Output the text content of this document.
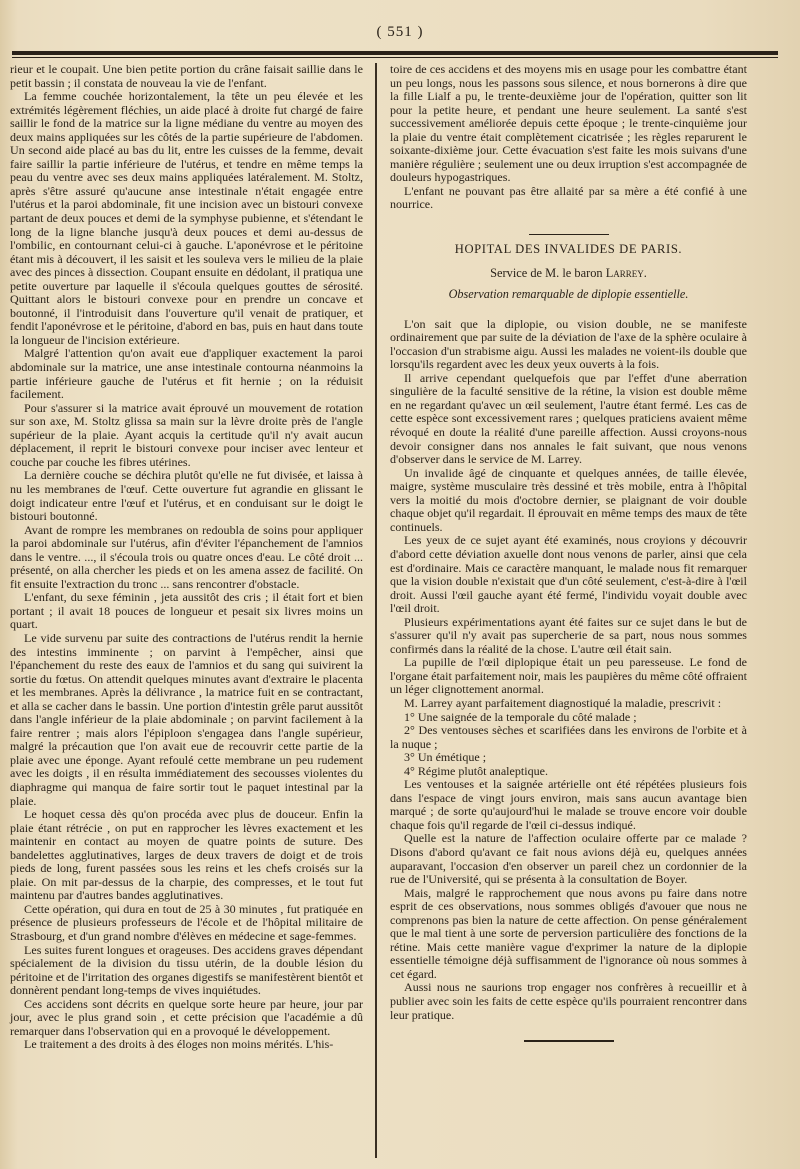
( 551 )

rieur et le coupait. Une bien petite portion du crâne faisait saillie dans le petit bassin ; il constata de nouveau la vie de l'enfant.

La femme couchée horizontalement, la tête un peu élevée et les extrémités légèrement fléchies, un aide placé à droite fut chargé de faire saillir le fond de la matrice sur la ligne médiane du ventre au moyen des deux mains appliquées sur les côtés de la partie supérieure de l'abdomen. Un second aide placé au bas du lit, entre les cuisses de la femme, devait faire saillir la partie inférieure de l'utérus, et tendre en même temps la peau du ventre avec ses deux mains appliquées latéralement. M. Stoltz, après s'être assuré qu'aucune anse intestinale n'était engagée entre l'utérus et la paroi abdominale, fit une incision avec un bistouri convexe partant de deux pouces et demi de la symphyse pubienne, et s'étendant le long de la ligne blanche jusqu'à deux pouces et demi au-dessus de l'ombilic, en contournant celui-ci à gauche. L'aponévrose et le péritoine étant mis à découvert, il les saisit et les souleva vers le milieu de la plaie avec des pinces à dissection. Coupant ensuite en dédolant, il pratiqua une petite ouverture par laquelle il s'écoula quelques gouttes de sérosité. Quittant alors le bistouri convexe pour en prendre un concave et boutonné, il l'introduisit dans l'ouverture qu'il venait de pratiquer, et fendit l'aponévrose et le péritoine, d'abord en bas, puis en haut dans toute la longueur de l'incision extérieure.

Malgré l'attention qu'on avait eue d'appliquer exactement la paroi abdominale sur la matrice, une anse intestinale contourna néanmoins la partie inférieure gauche de l'utérus et fit hernie ; on la réduisit facilement.

Pour s'assurer si la matrice avait éprouvé un mouvement de rotation sur son axe, M. Stoltz glissa sa main sur la lèvre droite près de l'angle supérieur de la plaie. Ayant acquis la certitude qu'il n'y avait aucun déplacement, il reprit le bistouri convexe pour inciser avec lenteur et couche par couche les fibres utérines.

La dernière couche se déchira plutôt qu'elle ne fut divisée, et laissa à nu les membranes de l'œuf. Cette ouverture fut agrandie en glissant le doigt indicateur entre l'œuf et l'utérus, et en conduisant sur le doigt le bistouri boutonné.

Avant de rompre les membranes on redoubla de soins pour appliquer la paroi abdominale sur l'utérus, afin d'éviter l'épanchement de l'amnios dans le ventre. ..., il s'écoula trois ou quatre onces d'eau. Le côté droit ... présenté, on alla chercher les pieds et on les amena assez de facilité. On fit ensuite l'extraction du tronc ... sans rencontrer d'obstacle.

L'enfant, du sexe féminin , jeta aussitôt des cris ; il était fort et bien portant ; il avait 18 pouces de longueur et pesait six livres moins un quart.

Le vide survenu par suite des contractions de l'utérus rendit la hernie des intestins imminente ; on parvint à l'empêcher, ainsi que l'épanchement du reste des eaux de l'amnios et du sang qui suivirent la sortie du fœtus. On attendit quelques minutes avant d'extraire le placenta et les membranes. Après la délivrance , la matrice fuit en se contractant, et alla se cacher dans le bassin. Une portion d'intestin grêle parut aussitôt dans l'angle inférieur de la plaie abdominale ; on parvint facilement à la faire rentrer ; mais alors l'épiploon s'engagea dans l'angle supérieur, malgré la précaution que l'on avait eue de recouvrir cette partie de la plaie avec une éponge. Ayant refoulé cette membrane un peu rudement avec les doigts , il en résulta immédiatement des secousses violentes du diaphragme qui manqua de faire sortir tout le paquet intestinal par la plaie.

Le hoquet cessa dès qu'on procéda avec plus de douceur. Enfin la plaie étant rétrécie , on put en rapprocher les lèvres exactement et les maintenir en contact au moyen de quatre points de suture. Des bandelettes agglutinatives, larges de deux travers de doigt et de trois pieds de long, furent passées sous les reins et les chefs croisés sur la plaie. On mit par-dessus de la charpie, des compresses, et le tout fut maintenu par d'autres bandes agglutinatives.

Cette opération, qui dura en tout de 25 à 30 minutes , fut pratiquée en présence de plusieurs professeurs de l'école et de l'hôpital militaire de Strasbourg, et d'un grand nombre d'élèves en médecine et sage-femmes.

Les suites furent longues et orageuses. Des accidens graves dépendant spécialement de la division du tissu utérin, de la double lésion du péritoine et de l'irritation des organes digestifs se manifestèrent bientôt et donnèrent pendant long-temps de vives inquiétudes.

Ces accidens sont décrits en quelque sorte heure par heure, jour par jour, avec le plus grand soin , et cette précision que l'académie a dû remarquer dans l'observation qui en a provoqué le développement.

Le traitement a des droits à des éloges non moins mérités. L'his-

toire de ces accidens et des moyens mis en usage pour les combattre étant un peu longs, nous les passons sous silence, et nous bornerons à dire que la fille Lialf a pu, le trente-deuxième jour de l'opération, quitter son lit pour la petite heure, et pendant une heure seulement. La santé s'est successivement améliorée depuis cette époque ; le trente-cinquième jour la plaie du ventre était complètement cicatrisée ; les règles reparurent le soixante-dixième jour. Cette évacuation s'est faite les mois suivans d'une manière régulière ; seulement une ou deux irruption s'est accompagnée de douleurs hypogastriques.

L'enfant ne pouvant pas être allaité par sa mère a été confié à une nourrice.

HOPITAL DES INVALIDES DE PARIS.
Service de M. le baron Larrey.
Observation remarquable de diplopie essentielle.

L'on sait que la diplopie, ou vision double, ne se manifeste ordinairement que par suite de la déviation de l'axe de la sphère oculaire à l'occasion d'un strabisme aigu. Aussi les malades ne voient-ils double que lorsqu'ils regardent avec les deux yeux ouverts à la fois.

Il arrive cependant quelquefois que par l'effet d'une aberration singulière de la faculté sensitive de la rétine, la vision est double même en ne regardant qu'avec un œil seulement, l'autre étant fermé. Les cas de cette espèce sont excessivement rares ; quelques praticiens avaient même révoqué en doute la réalité d'une pareille affection. Aussi croyons-nous devoir consigner dans nos annales le fait suivant, que nous venons d'observer dans le service de M. Larrey.

Un invalide âgé de cinquante et quelques années, de taille élevée, maigre, système musculaire très dessiné et très mobile, entra à l'hôpital vers la moitié du mois d'octobre dernier, se plaignant de voir double chaque objet qu'il regardait. Il éprouvait en même temps des maux de tête continuels.

Les yeux de ce sujet ayant été examinés, nous croyions y découvrir d'abord cette déviation axuelle dont nous venons de parler, ainsi que cela est d'ordinaire. Mais ce caractère manquant, le malade nous fit remarquer que la vision double n'existait que d'un côté seulement, c'est-à-dire à l'œil droit. Aussi l'œil gauche ayant été fermé, l'individu voyait double avec l'œil droit.

Plusieurs expérimentations ayant été faites sur ce sujet dans le but de s'assurer qu'il n'y avait pas supercherie de sa part, nous nous sommes confirmés dans la réalité de la chose. L'autre œil était sain.

La pupille de l'œil diplopique était un peu paresseuse. Le fond de l'organe était parfaitement noir, mais les paupières du même côté offraient un léger clignottement anormal.

M. Larrey ayant parfaitement diagnostiqué la maladie, prescrivit :

1° Une saignée de la temporale du côté malade ;

2° Des ventouses sèches et scarifiées dans les environs de l'orbite et à la nuque ;

3° Un émétique ;

4° Régime plutôt analeptique.

Les ventouses et la saignée artérielle ont été répétées plusieurs fois dans l'espace de vingt jours environ, mais sans aucun avantage bien marqué ; de sorte qu'aujourd'hui le malade se trouve encore voir double chaque fois qu'il regarde de l'œil ci-dessus indiqué.

Quelle est la nature de l'affection oculaire offerte par ce malade ? Disons d'abord qu'avant ce fait nous avions déjà eu, quelques années auparavant, l'occasion d'en observer un pareil chez un cordonnier de la rue de l'Université, qui se présenta à la consultation de Boyer.

Mais, malgré le rapprochement que nous avons pu faire dans notre esprit de ces observations, nous sommes obligés d'avouer que nous ne comprenons pas bien la nature de cette affection. On pense généralement que le mal tient à une sorte de perversion particulière des fonctions de la rétine. Mais cette manière vague d'exprimer la nature de la diplopie essentielle témoigne déjà suffisamment de l'ignorance où nous sommes à cet égard.

Aussi nous ne saurions trop engager nos confrères à recueillir et à publier avec soin les faits de cette espèce qu'ils pourraient rencontrer dans leur pratique.
